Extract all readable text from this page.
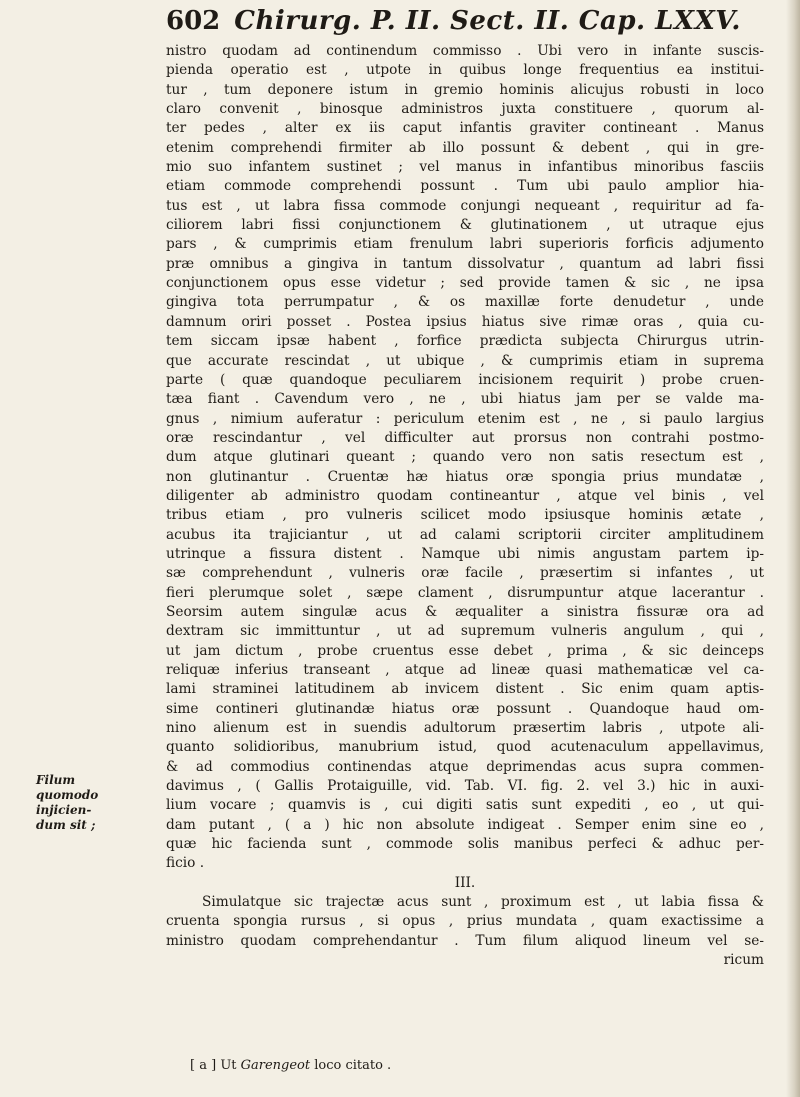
602 Chirurg. P. II. Sect. II. Cap. LXXV.
nistro quodam ad continendum commisso . Ubi vero in infante suscis-
pienda operatio est , utpote in quibus longe frequentius ea institui-
tur , tum deponere istum in gremio hominis alicujus robusti in loco
claro convenit , binosque administros juxta constituere , quorum al-
ter pedes , alter ex iis caput infantis graviter contineant . Manus
etenim comprehendi firmiter ab illo possunt & debent , qui in gre-
mio suo infantem sustinet ; vel manus in infantibus minoribus fasciis
etiam commode comprehendi possunt . Tum ubi paulo amplior hia-
tus est , ut labra fissa commode conjungi nequeant , requiritur ad fa-
ciliorem labri fissi conjunctionem & glutinationem , ut utraque ejus
pars , & cumprimis etiam frenulum labri superioris forficis adjumento
præ omnibus a gingiva in tantum dissolvatur , quantum ad labri fissi
conjunctionem opus esse videtur ; sed provide tamen & sic , ne ipsa
gingiva tota perrumpatur , & os maxillæ forte denudetur , unde
damnum oriri posset . Postea ipsius hiatus sive rimæ oras , quia cu-
tem siccam ipsæ habent , forfice prædicta subjecta Chirurgus utrin-
que accurate rescindat , ut ubique , & cumprimis etiam in suprema
parte ( quæ quandoque peculiarem incisionem requirit ) probe cruen-
tæa fiant . Cavendum vero , ne , ubi hiatus jam per se valde ma-
gnus , nimium auferatur : periculum etenim est , ne , si paulo largius
oræ rescindantur , vel difficulter aut prorsus non contrahi postmo-
dum atque glutinari queant ; quando vero non satis resectum est ,
non glutinantur . Cruentæ hæ hiatus oræ spongia prius mundatæ ,
diligenter ab administro quodam contineantur , atque vel binis , vel
tribus etiam , pro vulneris scilicet modo ipsiusque hominis ætate ,
acubus ita trajiciantur , ut ad calami scriptorii circiter amplitudinem
utrinque a fissura distent . Namque ubi nimis angustam partem ip-
sæ comprehendunt , vulneris oræ facile , præsertim si infantes , ut
fieri plerumque solet , sæpe clament , disrumpuntur atque lacerantur .
Seorsim autem singulæ acus & æqualiter a sinistra fissuræ ora ad
dextram sic immittuntur , ut ad supremum vulneris angulum , qui ,
ut jam dictum , probe cruentus esse debet , prima , & sic deinceps
reliquæ inferius transeant , atque ad lineæ quasi mathematicæ vel ca-
lami straminei latitudinem ab invicem distent . Sic enim quam aptis-
sime contineri glutinandæ hiatus oræ possunt . Quandoque haud om-
nino alienum est in suendis adultorum præsertim labris , utpote ali-
quanto solidioribus, manubrium istud, quod acutenaculum appellavimus,
& ad commodius continendas atque deprimendas acus supra commen-
davimus , ( Gallis Protaiguille, vid. Tab. VI. fig. 2. vel 3.) hic in auxi-
lium vocare ; quamvis is , cui digiti satis sunt expediti , eo , ut qui-
dam putant , ( a ) hic non absolute indigeat . Semper enim sine eo ,
quæ hic facienda sunt , commode solis manibus perfeci & adhuc per-
ficio .
III.
Simulatque sic trajectæ acus sunt , proximum est , ut labia fissa &
cruenta spongia rursus , si opus , prius mundata , quam exactissime a
ministro quodam comprehendantur . Tum filum aliquod lineum vel se-
ricum
Filum
quomodo
injicien-
dum sit ;
[ a ] Ut Garengeot loco citato .
